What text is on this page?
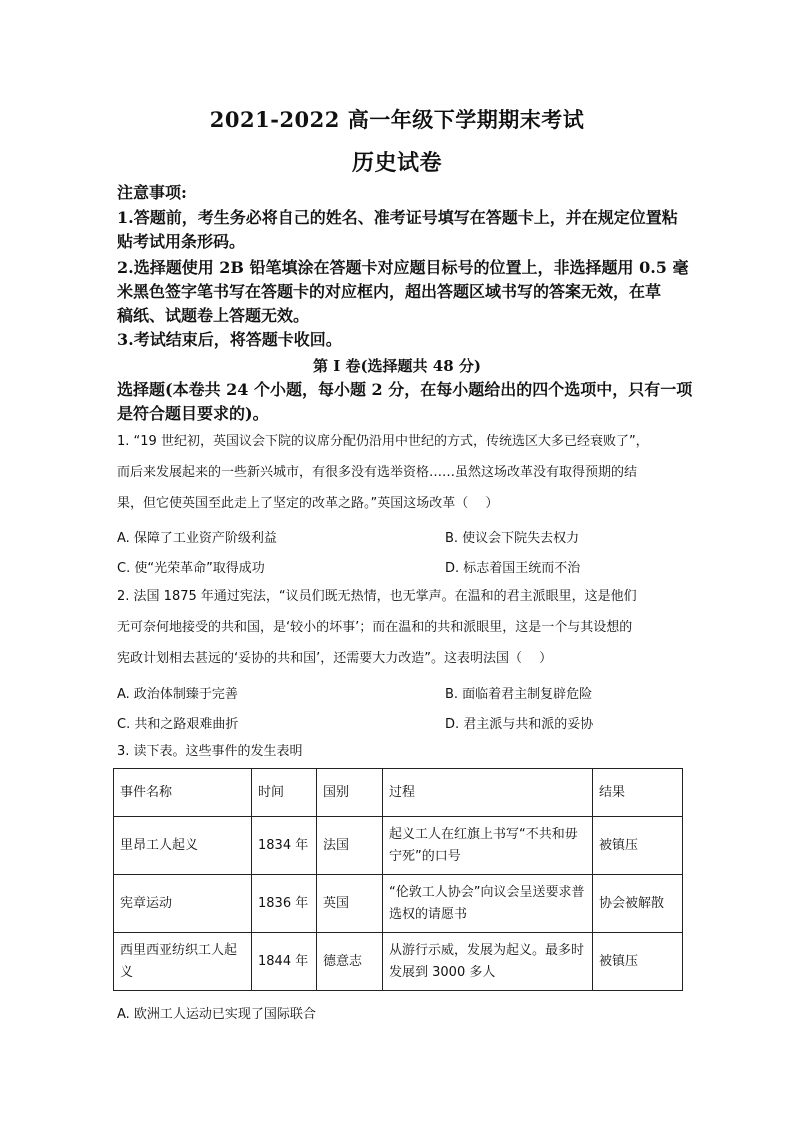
2021-2022 高一年级下学期期末考试
历史试卷
注意事项:
1.答题前，考生务必将自己的姓名、准考证号填写在答题卡上，并在规定位置粘
贴考试用条形码。
2.选择题使用 2B 铅笔填涂在答题卡对应题目标号的位置上，非选择题用 0.5 毫
米黑色签字笔书写在答题卡的对应框内，超出答题区域书写的答案无效，在草
稿纸、试题卷上答题无效。
3.考试结束后，将答题卡收回。
第 I 卷(选择题共 48 分)
选择题(本卷共 24 个小题，每小题 2 分，在每小题给出的四个选项中，只有一项
是符合题目要求的)。
1. “19 世纪初，英国议会下院的议席分配仍沿用中世纪的方式，传统选区大多已经衰败了”，
而后来发展起来的一些新兴城市，有很多没有选举资格……虽然这场改革没有取得预期的结
果，但它使英国至此走上了坚定的改革之路。”英国这场改革（　 ）
A. 保障了工业资产阶级利益	B. 使议会下院失去权力
C. 使“光荣革命”取得成功	D. 标志着国王统而不治
2. 法国 1875 年通过宪法，“议员们既无热情，也无掌声。在温和的君主派眼里，这是他们
无可奈何地接受的共和国，是‘较小的坏事’；而在温和的共和派眼里，这是一个与其设想的
宪政计划相去甚远的‘妥协的共和国’，还需要大力改造”。这表明法国（　 ）
A. 政治体制臻于完善	B. 面临着君主制复辟危险
C. 共和之路艰难曲折	D. 君主派与共和派的妥协
3. 读下表。这些事件的发生表明
事件名称	时间	国别	过程	结果
里昂工人起义	1834 年	法国	起义工人在红旗上书写“不共和毋宁死”的口号	被镇压
宪章运动	1836 年	英国	“伦敦工人协会”向议会呈送要求普选权的请愿书	协会被解散
西里西亚纺织工人起义	1844 年	德意志	从游行示威，发展为起义。最多时发展到 3000 多人	被镇压
A. 欧洲工人运动已实现了国际联合
